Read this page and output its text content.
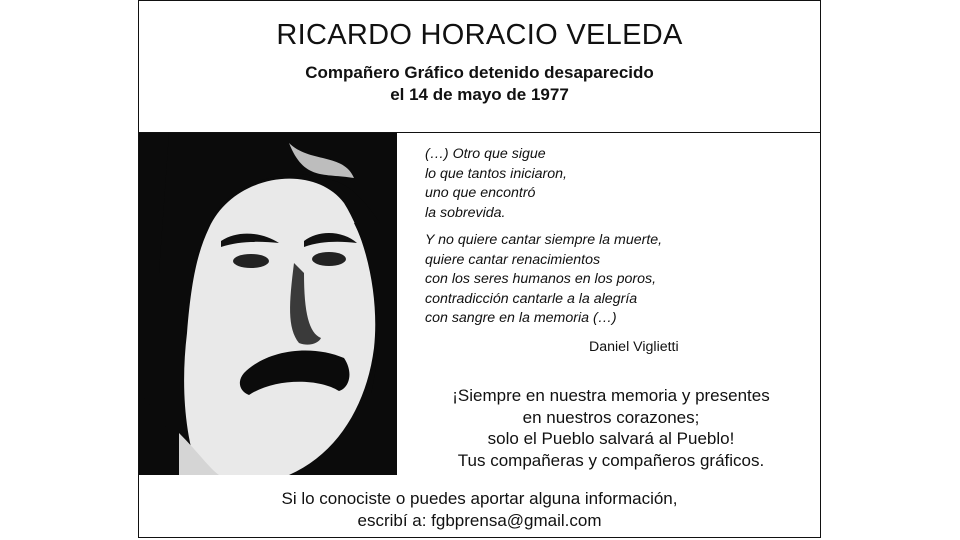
RICARDO HORACIO VELEDA
Compañero Gráfico detenido desaparecido
el 14 de mayo de 1977
(…) Otro que sigue
lo que tantos iniciaron,
uno que encontró
la sobrevida.
Y no quiere cantar siempre la muerte,
quiere cantar renacimientos
con los seres humanos en los poros,
contradicción cantarle a la alegría
con sangre en la memoria (…)
Daniel Viglietti
¡Siempre en nuestra memoria y presentes
en nuestros corazones;
solo el Pueblo salvará al Pueblo!
Tus compañeras y compañeros gráficos.
Si lo conociste o puedes aportar alguna información,
escribí a: fgbprensa@gmail.com
